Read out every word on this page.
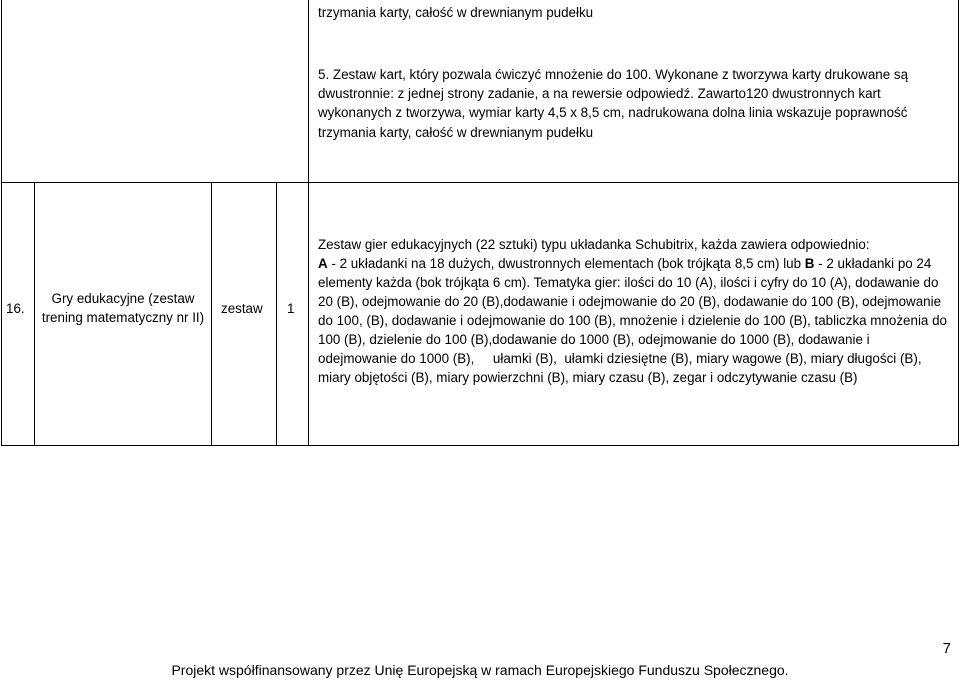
trzymania karty, całość w drewnianym pudełku
5. Zestaw kart, który pozwala ćwiczyć mnożenie do 100. Wykonane z tworzywa karty drukowane są
dwustronnie: z jednej strony zadanie, a na rewersie odpowiedź. Zawarto120 dwustronnych kart
wykonanych z tworzywa, wymiar karty 4,5 x 8,5 cm, nadrukowana dolna linia wskazuje poprawność
trzymania karty, całość w drewnianym pudełku
16.
Gry edukacyjne (zestaw
trening matematyczny nr II)
zestaw 1
Zestaw gier edukacyjnych (22 sztuki) typu układanka Schubitrix, każda zawiera odpowiednio:
A - 2 układanki na 18 dużych, dwustronnych elementach (bok trójkąta 8,5 cm) lub B - 2 układanki po 24
elementy każda (bok trójkąta 6 cm). Tematyka gier: ilości do 10 (A), ilości i cyfry do 10 (A), dodawanie do
20 (B), odejmowanie do 20 (B),dodawanie i odejmowanie do 20 (B), dodawanie do 100 (B), odejmowanie
do 100, (B), dodawanie i odejmowanie do 100 (B), mnożenie i dzielenie do 100 (B), tabliczka mnożenia do
100 (B), dzielenie do 100 (B),dodawanie do 1000 (B), odejmowanie do 1000 (B), dodawanie i
odejmowanie do 1000 (B),     ułamki (B),  ułamki dziesiętne (B), miary wagowe (B), miary długości (B),
miary objętości (B), miary powierzchni (B), miary czasu (B), zegar i odczytywanie czasu (B)
7
Projekt współfinansowany przez Unię Europejską w ramach Europejskiego Funduszu Społecznego.
